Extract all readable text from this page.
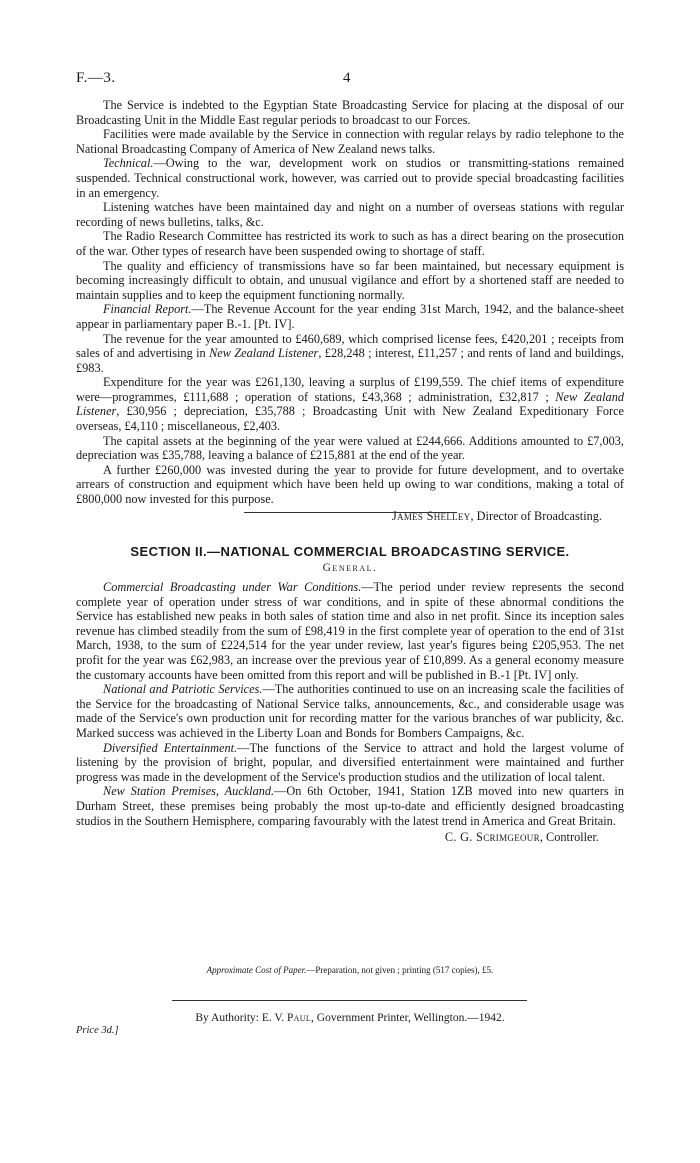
F.—3.	4

The Service is indebted to the Egyptian State Broadcasting Service for placing at the disposal of our Broadcasting Unit in the Middle East regular periods to broadcast to our Forces.

Facilities were made available by the Service in connection with regular relays by radio telephone to the National Broadcasting Company of America of New Zealand news talks.

Technical.—Owing to the war, development work on studios or transmitting-stations remained suspended. Technical constructional work, however, was carried out to provide special broadcasting facilities in an emergency.

Listening watches have been maintained day and night on a number of overseas stations with regular recording of news bulletins, talks, &c.

The Radio Research Committee has restricted its work to such as has a direct bearing on the prosecution of the war. Other types of research have been suspended owing to shortage of staff.

The quality and efficiency of transmissions have so far been maintained, but necessary equipment is becoming increasingly difficult to obtain, and unusual vigilance and effort by a shortened staff are needed to maintain supplies and to keep the equipment functioning normally.

Financial Report.—The Revenue Account for the year ending 31st March, 1942, and the balance-sheet appear in parliamentary paper B.-1. [Pt. IV].

The revenue for the year amounted to £460,689, which comprised license fees, £420,201 ; receipts from sales of and advertising in New Zealand Listener, £28,248 ; interest, £11,257 ; and rents of land and buildings, £983.

Expenditure for the year was £261,130, leaving a surplus of £199,559. The chief items of expenditure were—programmes, £111,688 ; operation of stations, £43,368 ; administration, £32,817 ; New Zealand Listener, £30,956 ; depreciation, £35,788 ; Broadcasting Unit with New Zealand Expeditionary Force overseas, £4,110 ; miscellaneous, £2,403.

The capital assets at the beginning of the year were valued at £244,666. Additions amounted to £7,003, depreciation was £35,788, leaving a balance of £215,881 at the end of the year.

A further £260,000 was invested during the year to provide for future development, and to overtake arrears of construction and equipment which have been held up owing to war conditions, making a total of £800,000 now invested for this purpose.

James Shelley, Director of Broadcasting.
SECTION II.—NATIONAL COMMERCIAL BROADCASTING SERVICE.
General.

Commercial Broadcasting under War Conditions.—The period under review represents the second complete year of operation under stress of war conditions, and in spite of these abnormal conditions the Service has established new peaks in both sales of station time and also in net profit. Since its inception sales revenue has climbed steadily from the sum of £98,419 in the first complete year of operation to the end of 31st March, 1938, to the sum of £224,514 for the year under review, last year's figures being £205,953. The net profit for the year was £62,983, an increase over the previous year of £10,899. As a general economy measure the customary accounts have been omitted from this report and will be published in B.-1 [Pt. IV] only.

National and Patriotic Services.—The authorities continued to use on an increasing scale the facilities of the Service for the broadcasting of National Service talks, announcements, &c., and considerable usage was made of the Service's own production unit for recording matter for the various branches of war publicity, &c. Marked success was achieved in the Liberty Loan and Bonds for Bombers Campaigns, &c.

Diversified Entertainment.—The functions of the Service to attract and hold the largest volume of listening by the provision of bright, popular, and diversified entertainment were maintained and further progress was made in the development of the Service's production studios and the utilization of local talent.

New Station Premises, Auckland.—On 6th October, 1941, Station 1ZB moved into new quarters in Durham Street, these premises being probably the most up-to-date and efficiently designed broadcasting studios in the Southern Hemisphere, comparing favourably with the latest trend in America and Great Britain.

C. G. Scrimgeour, Controller.
Approximate Cost of Paper.—Preparation, not given ; printing (517 copies), £5.
By Authority: E. V. Paul, Government Printer, Wellington.—1942.
Price 3d.]
